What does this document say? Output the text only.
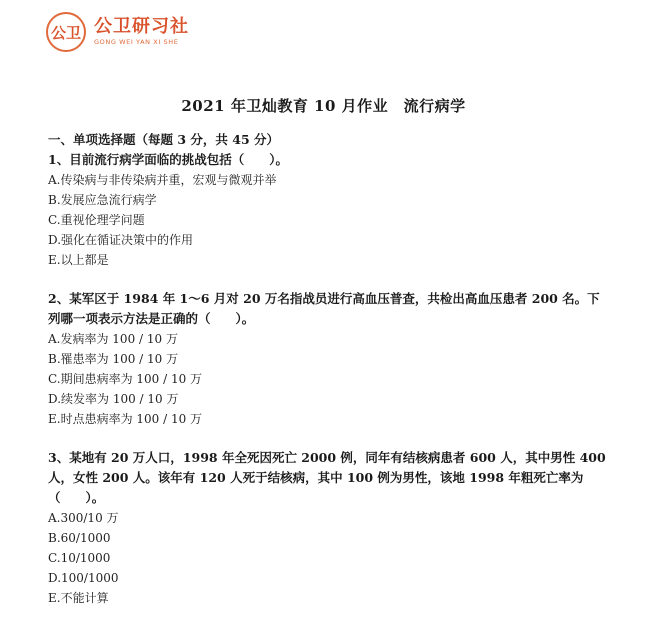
公卫 公卫研习社
GONG WEI YAN XI SHE
2021 年卫灿教育 10 月作业　流行病学
一、单项选择题（每题 3 分，共 45 分）
1、目前流行病学面临的挑战包括（　　）。
A.传染病与非传染病并重，宏观与微观并举
B.发展应急流行病学
C.重视伦理学问题
D.强化在循证决策中的作用
E.以上都是
2、某军区于 1984 年 1～6 月对 20 万名指战员进行高血压普查，共检出高血压患者 200 名。下列哪一项表示方法是正确的（　　）。
A.发病率为 100 / 10 万
B.罹患率为 100 / 10 万
C.期间患病率为 100 / 10 万
D.续发率为 100 / 10 万
E.时点患病率为 100 / 10 万
3、某地有 20 万人口，1998 年全死因死亡 2000 例，同年有结核病患者 600 人，其中男性 400 人，女性 200 人。该年有 120 人死于结核病，其中 100 例为男性，该地 1998 年粗死亡率为（　　）。
A.300/10 万
B.60/1000
C.10/1000
D.100/1000
E.不能计算
